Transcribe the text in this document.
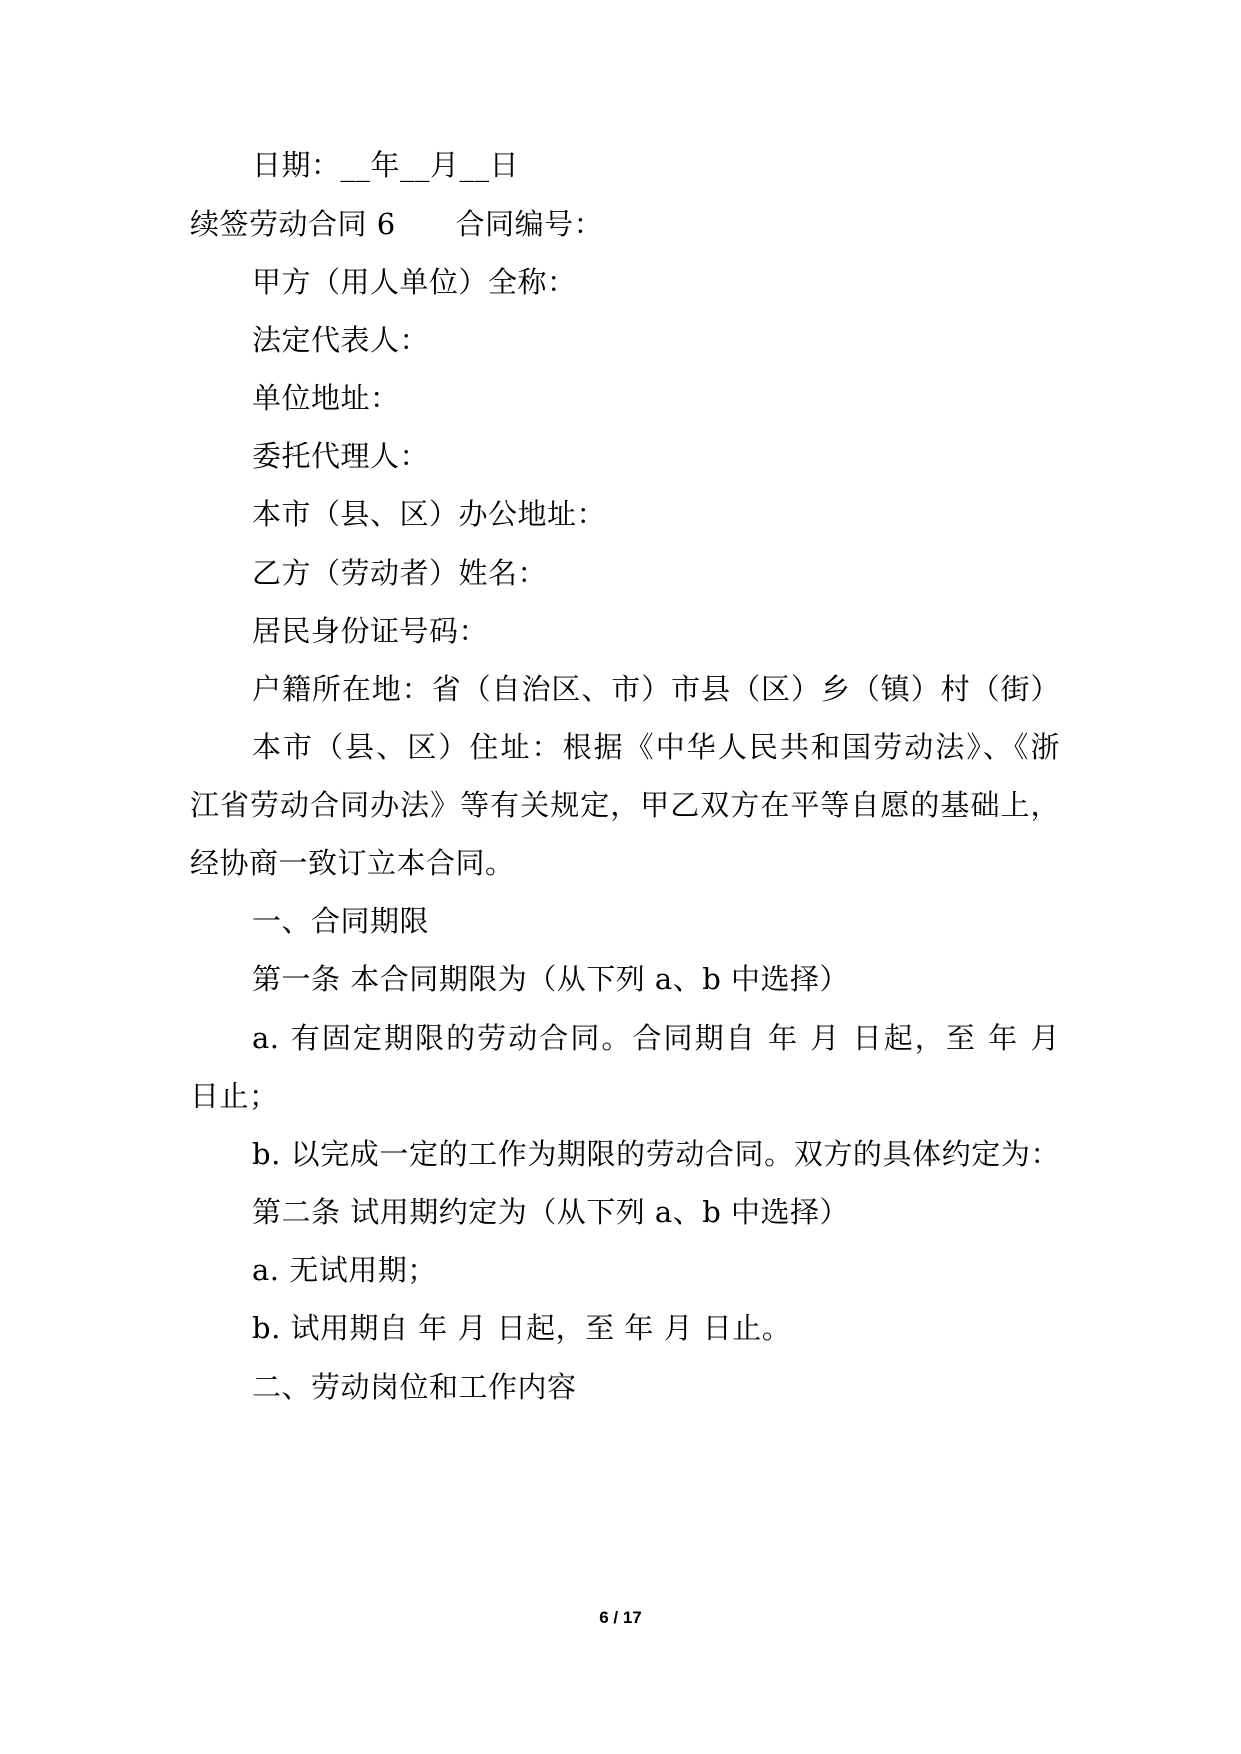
日期：__年__月__日
续签劳动合同 6 合同编号：
甲方（用人单位）全称：
法定代表人：
单位地址：
委托代理人：
本市（县、区）办公地址：
乙方（劳动者）姓名：
居民身份证号码：
户籍所在地：省（自治区、市）市县（区）乡（镇）村（街）
本市（县、区）住址：根据《中华人民共和国劳动法》、《浙
江省劳动合同办法》等有关规定，甲乙双方在平等自愿的基础上，
经协商一致订立本合同。
一、合同期限
第一条 本合同期限为（从下列 a、b 中选择）
a. 有固定期限的劳动合同。合同期自 年 月 日起，至 年 月
日止；
b. 以完成一定的工作为期限的劳动合同。双方的具体约定为：
第二条 试用期约定为（从下列 a、b 中选择）
a. 无试用期；
b. 试用期自 年 月 日起，至 年 月 日止。
二、劳动岗位和工作内容
6 / 17
